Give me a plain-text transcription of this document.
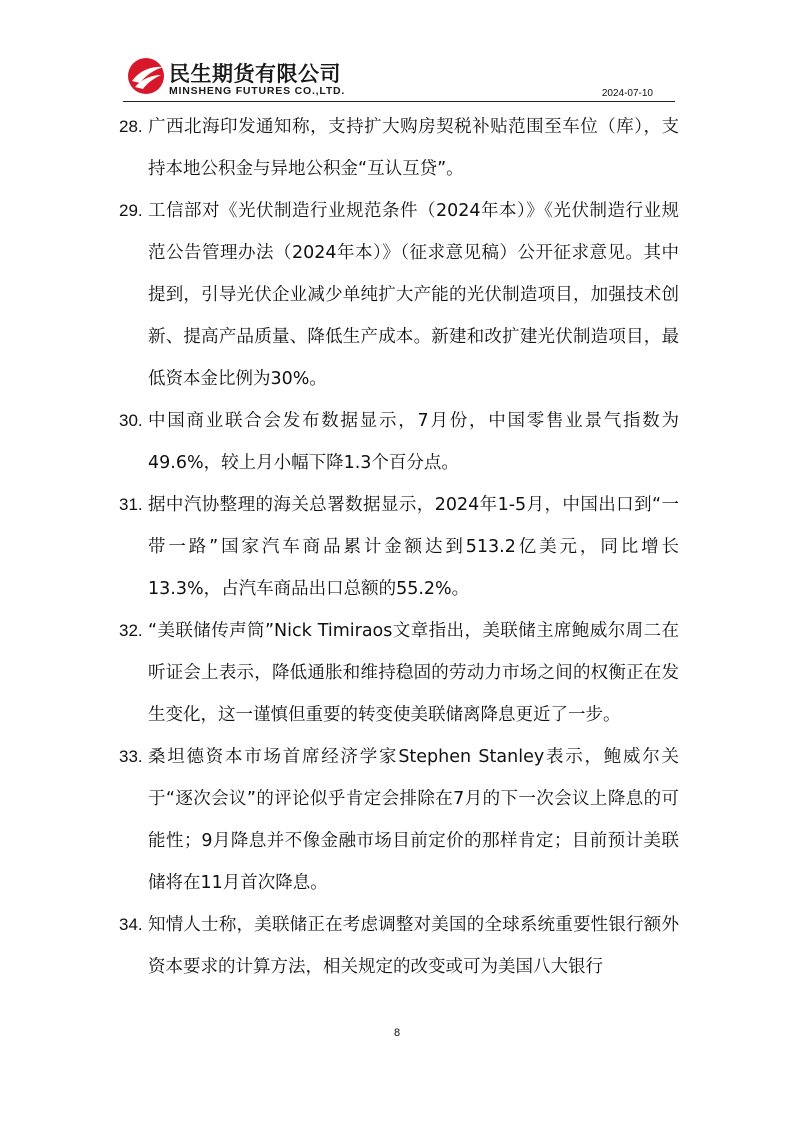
民生期货有限公司
MINSHENG FUTURES CO.,LTD.	2024-07-10
28. 广西北海印发通知称，支持扩大购房契税补贴范围至车位（库），支持本地公积金与异地公积金“互认互贷”。
29. 工信部对《光伏制造行业规范条件（2024年本）》《光伏制造行业规范公告管理办法（2024年本）》（征求意见稿）公开征求意见。其中提到，引导光伏企业减少单纯扩大产能的光伏制造项目，加强技术创新、提高产品质量、降低生产成本。新建和改扩建光伏制造项目，最低资本金比例为30%。
30. 中国商业联合会发布数据显示，7月份，中国零售业景气指数为49.6%，较上月小幅下降1.3个百分点。
31. 据中汽协整理的海关总署数据显示，2024年1-5月，中国出口到“一带一路”国家汽车商品累计金额达到513.2亿美元，同比增长13.3%，占汽车商品出口总额的55.2%。
32. “美联储传声筒”Nick Timiraos文章指出，美联储主席鲍威尔周二在听证会上表示，降低通胀和维持稳固的劳动力市场之间的权衡正在发生变化，这一谨慎但重要的转变使美联储离降息更近了一步。
33. 桑坦德资本市场首席经济学家Stephen Stanley表示，鲍威尔关于“逐次会议”的评论似乎肯定会排除在7月的下一次会议上降息的可能性；9月降息并不像金融市场目前定价的那样肯定；目前预计美联储将在11月首次降息。
34. 知情人士称，美联储正在考虑调整对美国的全球系统重要性银行额外资本要求的计算方法，相关规定的改变或可为美国八大银行
8
